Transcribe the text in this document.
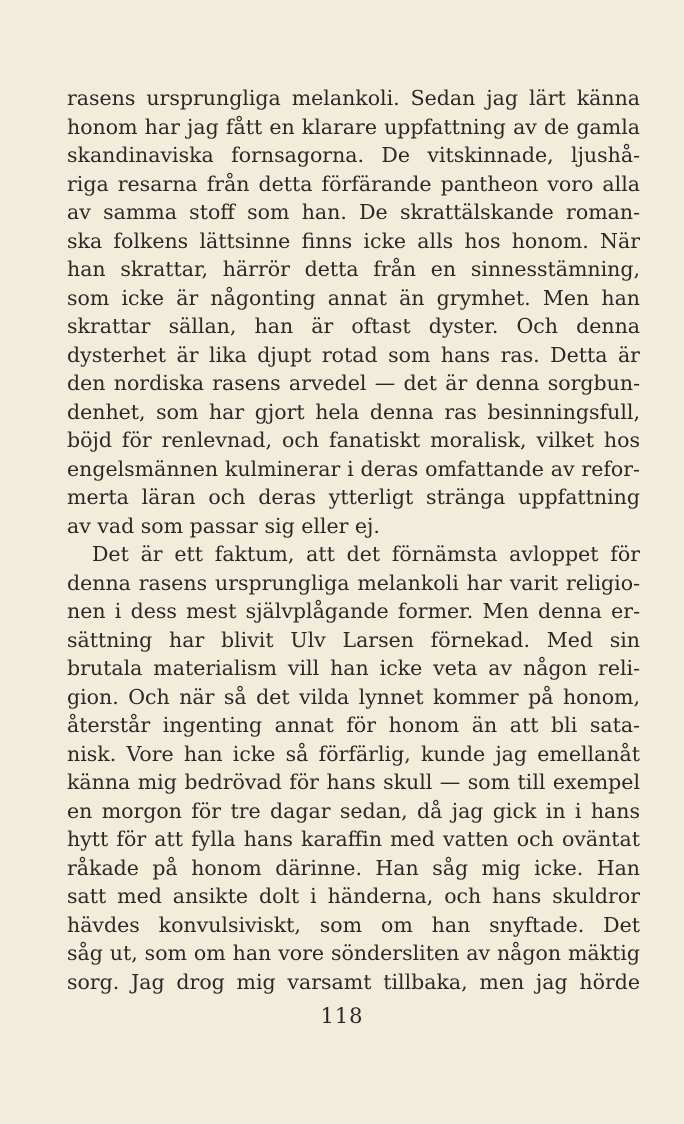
rasens ursprungliga melankoli. Sedan jag lärt känna
honom har jag fått en klarare uppfattning av de gamla
skandinaviska fornsagorna. De vitskinnade, ljushå-
riga resarna från detta förfärande pantheon voro alla
av samma stoff som han. De skrattälskande roman-
ska folkens lättsinne finns icke alls hos honom. När
han skrattar, härrör detta från en sinnesstämning,
som icke är någonting annat än grymhet. Men han
skrattar sällan, han är oftast dyster. Och denna
dysterhet är lika djupt rotad som hans ras. Detta är
den nordiska rasens arvedel — det är denna sorgbun-
denhet, som har gjort hela denna ras besinningsfull,
böjd för renlevnad, och fanatiskt moralisk, vilket hos
engelsmännen kulminerar i deras omfattande av refor-
merta läran och deras ytterligt stränga uppfattning
av vad som passar sig eller ej.
Det är ett faktum, att det förnämsta avloppet för
denna rasens ursprungliga melankoli har varit religio-
nen i dess mest självplågande former. Men denna er-
sättning har blivit Ulv Larsen förnekad. Med sin
brutala materialism vill han icke veta av någon reli-
gion. Och när så det vilda lynnet kommer på honom,
återstår ingenting annat för honom än att bli sata-
nisk. Vore han icke så förfärlig, kunde jag emellanåt
känna mig bedrövad för hans skull — som till exempel
en morgon för tre dagar sedan, då jag gick in i hans
hytt för att fylla hans karaffin med vatten och oväntat
råkade på honom därinne. Han såg mig icke. Han
satt med ansikte dolt i händerna, och hans skuldror
hävdes konvulsiviskt, som om han snyftade. Det
såg ut, som om han vore söndersliten av någon mäktig
sorg. Jag drog mig varsamt tillbaka, men jag hörde
118
